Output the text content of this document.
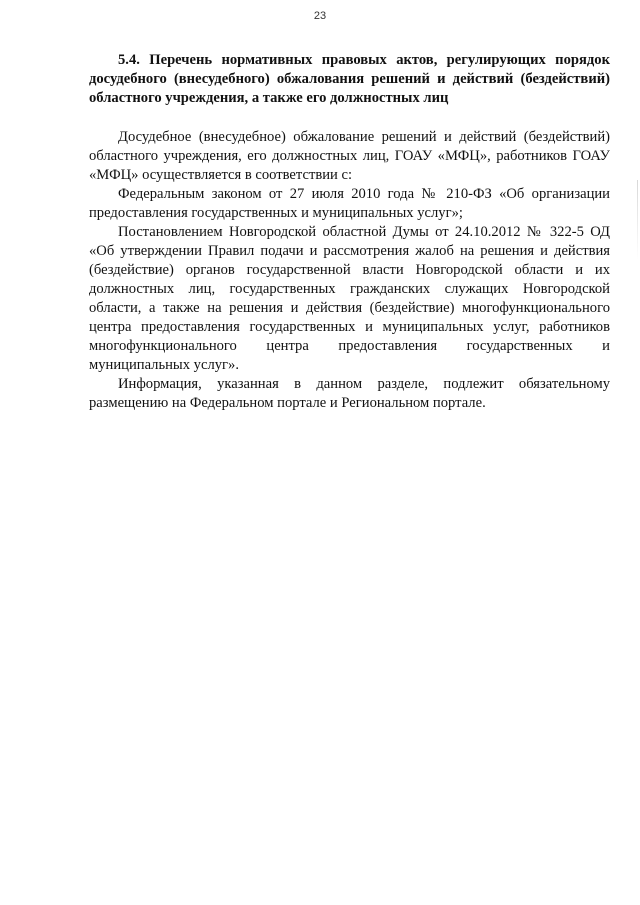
23

5.4. Перечень нормативных правовых актов, регулирующих порядок досудебного (внесудебного) обжалования решений и действий (бездействий) областного учреждения, а также его должностных лиц

Досудебное (внесудебное) обжалование решений и действий (бездействий) областного учреждения, его должностных лиц, ГОАУ «МФЦ», работников ГОАУ «МФЦ» осуществляется в соответствии с:

Федеральным законом от 27 июля 2010 года № 210-ФЗ «Об организации предоставления государственных и муниципальных услуг»;

Постановлением Новгородской областной Думы от 24.10.2012 № 322-5 ОД «Об утверждении Правил подачи и рассмотрения жалоб на решения и действия (бездействие) органов государственной власти Новгородской области и их должностных лиц, государственных гражданских служащих Новгородской области, а также на решения и действия (бездействие) многофункционального центра предоставления государственных и муниципальных услуг, работников многофункционального центра предоставления государственных и муниципальных услуг».

Информация, указанная в данном разделе, подлежит обязательному размещению на Федеральном портале и Региональном портале.
